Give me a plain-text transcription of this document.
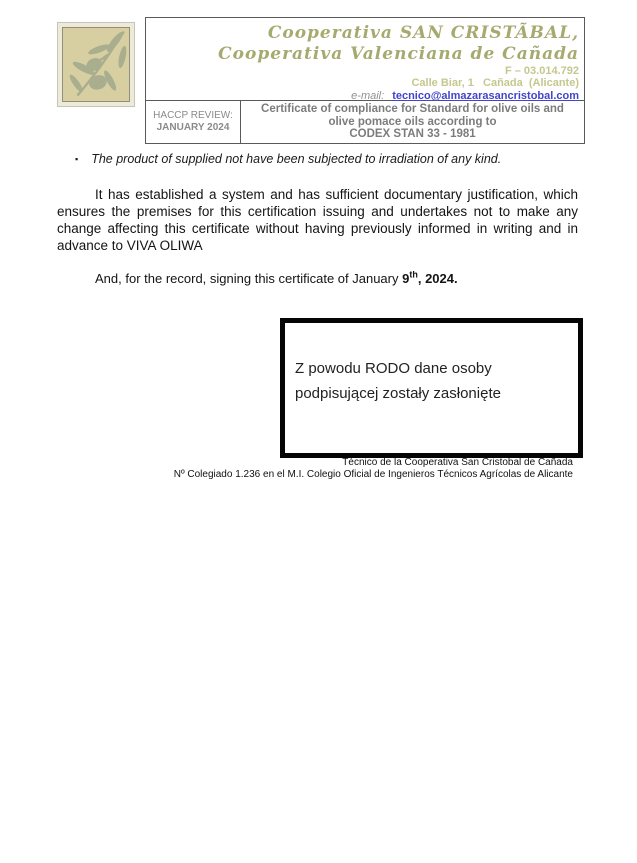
Cooperativa SAN CRISTÃBAL,
Cooperativa Valenciana de Cañada
F – 03.014.792
Calle Biar, 1   Cañada  (Alicante)
e-mail: tecnico@almazarasancristobal.com
HACCP REVIEW:
JANUARY 2024
Certificate of compliance for Standard for olive oils and
olive pomace oils according to
CODEX STAN 33 - 1981
▪ The product of supplied not have been subjected to irradiation of any kind.

It has established a system and has sufficient documentary justification, which ensures the premises for this certification issuing and undertakes not to make any change affecting this certificate without having previously informed in writing and in advance to VIVA OLIWA

And, for the record, signing this certificate of January 9th, 2024.
Z powodu RODO dane osoby podpisującej zostały zasłonięte
Técnico de la Cooperativa San Cristobal de Cañada
Nº Colegiado 1.236 en el M.I. Colegio Oficial de Ingenieros Técnicos Agrícolas de Alicante
